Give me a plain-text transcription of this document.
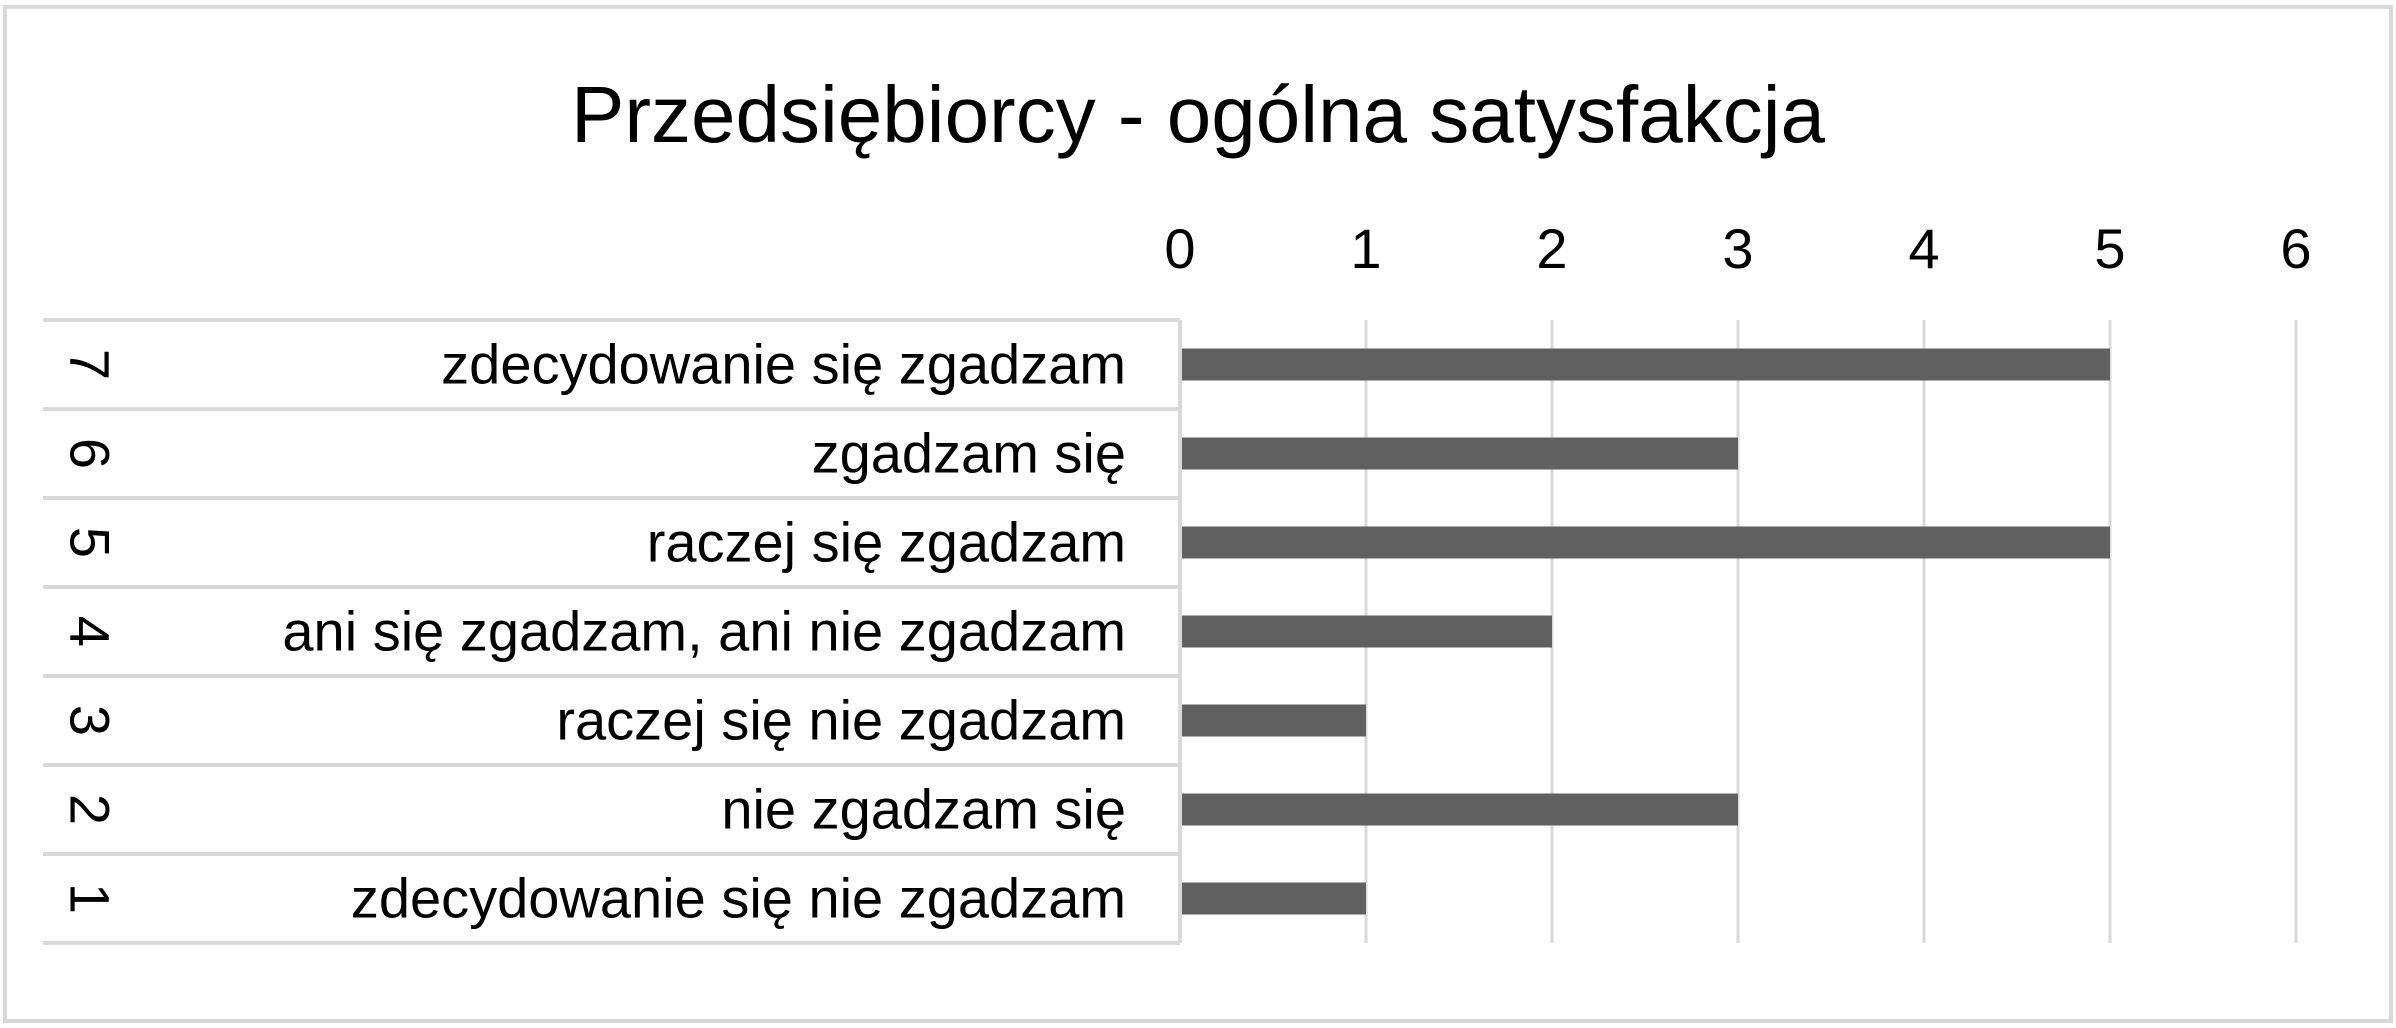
Przedsiębiorcy - ogólna satysfakcja
0	1	2	3	4	5	6
7	zdecydowanie się zgadzam
6	zgadzam się
5	raczej się zgadzam
4	ani się zgadzam, ani nie zgadzam
3	raczej się nie zgadzam
2	nie zgadzam się
1	zdecydowanie się nie zgadzam
